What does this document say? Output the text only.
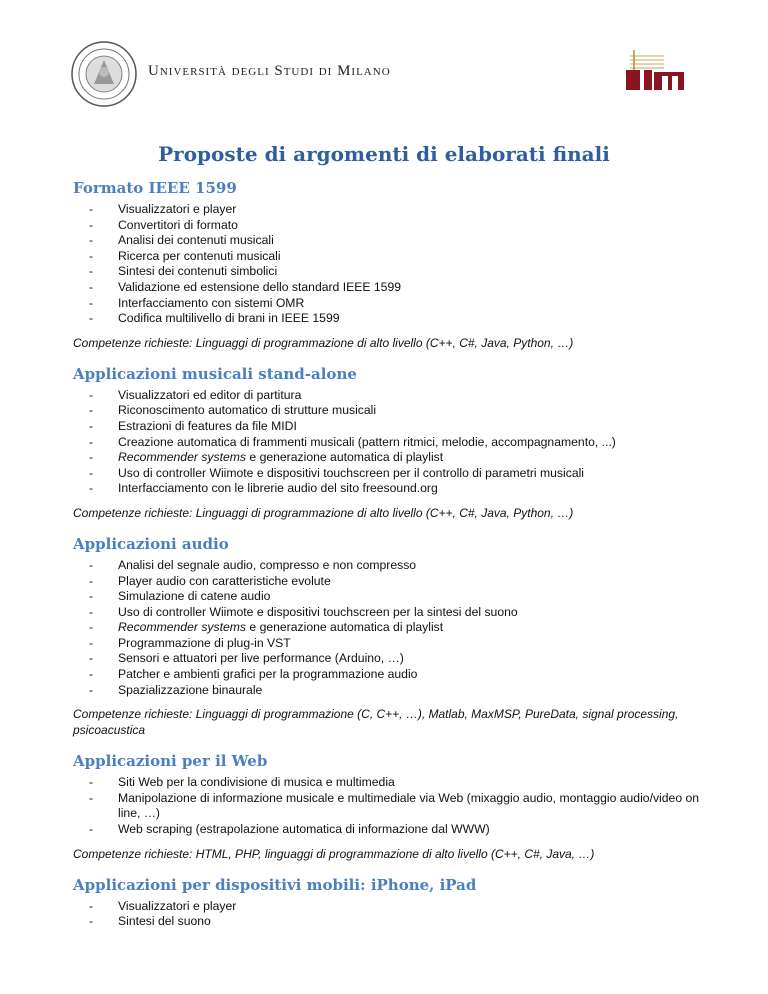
Università degli Studi di Milano
Proposte di argomenti di elaborati finali
Formato IEEE 1599
- Visualizzatori e player
- Convertitori di formato
- Analisi dei contenuti musicali
- Ricerca per contenuti musicali
- Sintesi dei contenuti simbolici
- Validazione ed estensione dello standard IEEE 1599
- Interfacciamento con sistemi OMR
- Codifica multilivello di brani in IEEE 1599
Competenze richieste: Linguaggi di programmazione di alto livello (C++, C#, Java, Python, …)
Applicazioni musicali stand-alone
- Visualizzatori ed editor di partitura
- Riconoscimento automatico di strutture musicali
- Estrazioni di features da file MIDI
- Creazione automatica di frammenti musicali (pattern ritmici, melodie, accompagnamento, ...)
- Recommender systems e generazione automatica di playlist
- Uso di controller Wiimote e dispositivi touchscreen per il controllo di parametri musicali
- Interfacciamento con le librerie audio del sito freesound.org
Competenze richieste: Linguaggi di programmazione di alto livello (C++, C#, Java, Python, …)
Applicazioni audio
- Analisi del segnale audio, compresso e non compresso
- Player audio con caratteristiche evolute
- Simulazione di catene audio
- Uso di controller Wiimote e dispositivi touchscreen per la sintesi del suono
- Recommender systems e generazione automatica di playlist
- Programmazione di plug-in VST
- Sensori e attuatori per live performance (Arduino, …)
- Patcher e ambienti grafici per la programmazione audio
- Spazializzazione binaurale
Competenze richieste: Linguaggi di programmazione (C, C++, …), Matlab, MaxMSP, PureData, signal processing, psicoacustica
Applicazioni per il Web
- Siti Web per la condivisione di musica e multimedia
- Manipolazione di informazione musicale e multimediale via Web (mixaggio audio, montaggio audio/video on line, …)
- Web scraping (estrapolazione automatica di informazione dal WWW)
Competenze richieste: HTML, PHP, linguaggi di programmazione di alto livello (C++, C#, Java, …)
Applicazioni per dispositivi mobili: iPhone, iPad
- Visualizzatori e player
- Sintesi del suono
